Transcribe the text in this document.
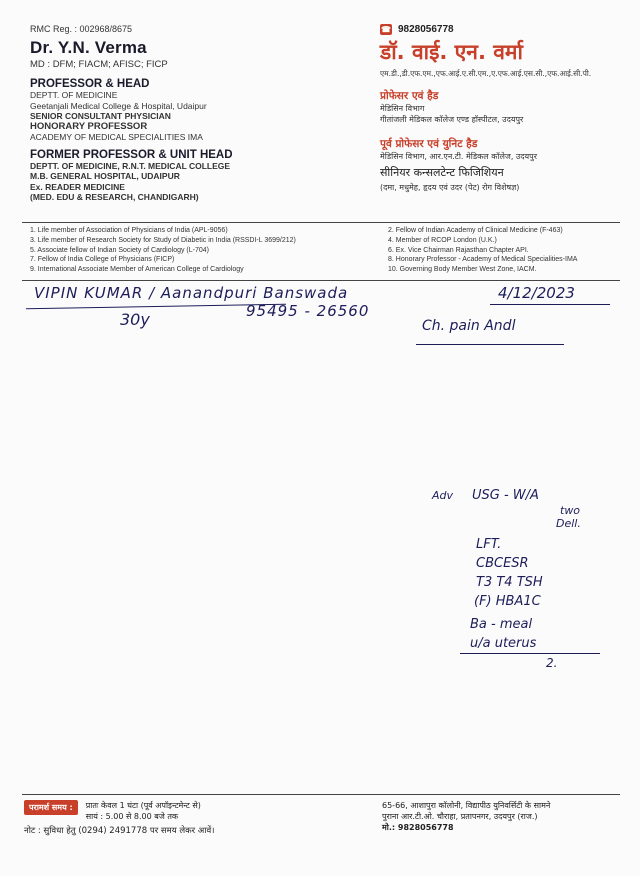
RMC Reg. : 002968/8675
Dr. Y.N. Verma
MD : DFM; FIACM; AFISC; FICP
PROFESSOR & HEAD
DEPTT. OF MEDICINE
Geetanjali Medical College & Hospital, Udaipur
SENIOR CONSULTANT PHYSICIAN
HONORARY PROFESSOR
ACADEMY OF MEDICAL SPECIALITIES IMA
FORMER PROFESSOR & UNIT HEAD
DEPTT. OF MEDICINE, R.N.T. MEDICAL COLLEGE
M.B. GENERAL HOSPITAL, UDAIPUR
Ex. READER MEDICINE
(MED. EDU & RESEARCH, CHANDIGARH)
☎ 9828056778
डॉ. वाई. एन. वर्मा
एम.डी.,डी.एफ.एम.,एफ.आई.ए.सी.एम.,ए.एफ.आई.एस.सी.,एफ.आई.सी.पी.
प्रोफेसर एवं हैड
मेडिसिन विभाग
गीतांजली मेडिकल कॉलेज एण्ड हॉस्पीटल, उदयपुर
पूर्व प्रोफेसर एवं युनिट हैड
मेडिसिन विभाग, आर.एन.टी. मेडिकल कॉलेज, उदयपुर
सीनियर कन्सलटेन्ट फिजिशियन
(दमा, मधुमेह, हृदय एवं उदर (पेट) रोग विशेषज्ञ)
1. Life member of Association of Physicians of India (APL-9056)
3. Life member of Research Society for Study of Diabetic in India (RSSDI-L 3699/212)
5. Associate fellow of Indian Society of Cardiology (L-704)
7. Fellow of India College of Physicians (FICP)
9. International Associate Member of American College of Cardiology
2. Fellow of Indian Academy of Clinical Medicine (F-463)
4. Member of RCOP London (U.K.)
6. Ex. Vice Chairman Rajasthan Chapter API.
8. Honorary Professor - Academy of Medical Specialities-IMA
10. Governing Body Member West Zone, IACM.
VIPIN KUMAR / Aanandpuri Banswada	4/12/2023
30y	95495 - 26560
Ch. pain Andl
Adv USG - W/A
two
Dell.
LFT.
CBCESR
T3 T4 TSH
(F) HBA1C
Ba - meal
u/a uterus
2.
परामर्श समय :	प्रातः केवल 1 घंटा (पूर्व अपॉइन्टमेन्ट से)
सायं : 5.00 से 8.00 बजे तक
नोट : सुविधा हेतु (0294) 2491778 पर समय लेकर आवें।
65-66, आशापुरा कॉलोनी, विद्यापीठ युनिवर्सिटी के सामने
पुराना आर.टी.ओ. चौराहा, प्रतापनगर, उदयपुर (राज.)
मो.: 9828056778
